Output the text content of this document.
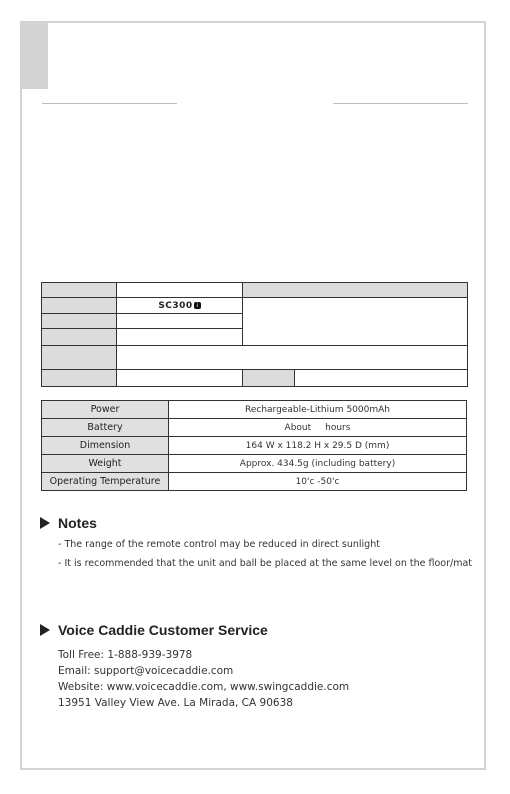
	SC300 i		

Power	Rechargeable-Lithium 5000mAh
Battery	About hours
Dimension	164 W x 118.2 H x 29.5 D (mm)
Weight	Approx. 434.5g (including battery)
Operating Temperature	10'c -50'c
Notes
- The range of the remote control may be reduced in direct sunlight
- It is recommended that the unit and ball be placed at the same level on the floor/mat
Voice Caddie Customer Service
Toll Free: 1-888-939-3978
Email: support@voicecaddie.com
Website: www.voicecaddie.com, www.swingcaddie.com
13951 Valley View Ave. La Mirada, CA 90638
